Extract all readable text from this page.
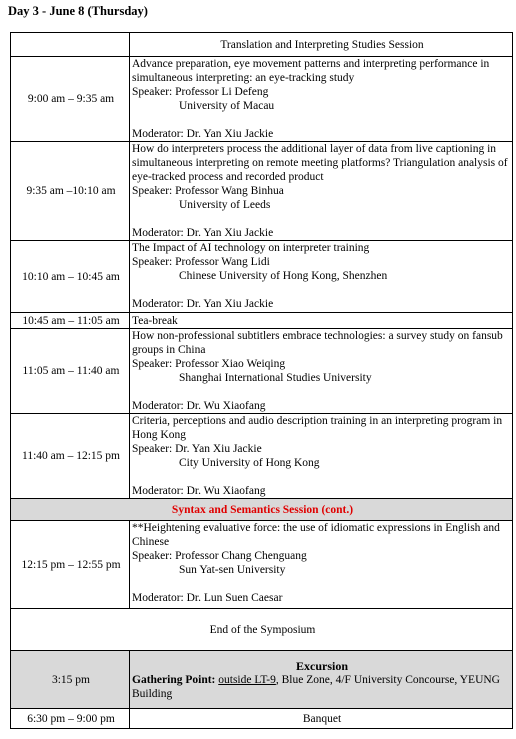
Day 3 - June 8 (Thursday)
	Translation and Interpreting Studies Session
9:00 am – 9:35 am	Advance preparation, eye movement patterns and interpreting performance in simultaneous interpreting: an eye-tracking study
Speaker: Professor Li Defeng

University of Macau
Moderator: Dr. Yan Xiu Jackie

9:35 am –10:10 am	How do interpreters process the additional layer of data from live captioning in simultaneous interpreting on remote meeting platforms? Triangulation analysis of eye-tracked process and recorded product
Speaker: Professor Wang Binhua

University of Leeds
Moderator: Dr. Yan Xiu Jackie

10:10 am – 10:45 am	The Impact of AI technology on interpreter training
Speaker: Professor Wang Lidi

Chinese University of Hong Kong, Shenzhen
Moderator: Dr. Yan Xiu Jackie

10:45 am – 11:05 am	Tea-break
11:05 am – 11:40 am	How non-professional subtitlers embrace technologies: a survey study on fansub groups in China
Speaker: Professor Xiao Weiqing

Shanghai International Studies University
Moderator: Dr. Wu Xiaofang

11:40 am – 12:15 pm	Criteria, perceptions and audio description training in an interpreting program in Hong Kong
Speaker: Dr. Yan Xiu Jackie

City University of Hong Kong
Moderator: Dr. Wu Xiaofang

Syntax and Semantics Session (cont.)	
12:15 pm – 12:55 pm	**Heightening evaluative force: the use of idiomatic expressions in English and Chinese
Speaker: Professor Chang Chenguang

Sun Yat-sen University
Moderator: Dr. Lun Suen Caesar

End of the Symposium	
3:15 pm	Excursion
Gathering Point: outside LT-9, Blue Zone, 4/F University Concourse, YEUNG Building

6:30 pm – 9:00 pm	Banquet
